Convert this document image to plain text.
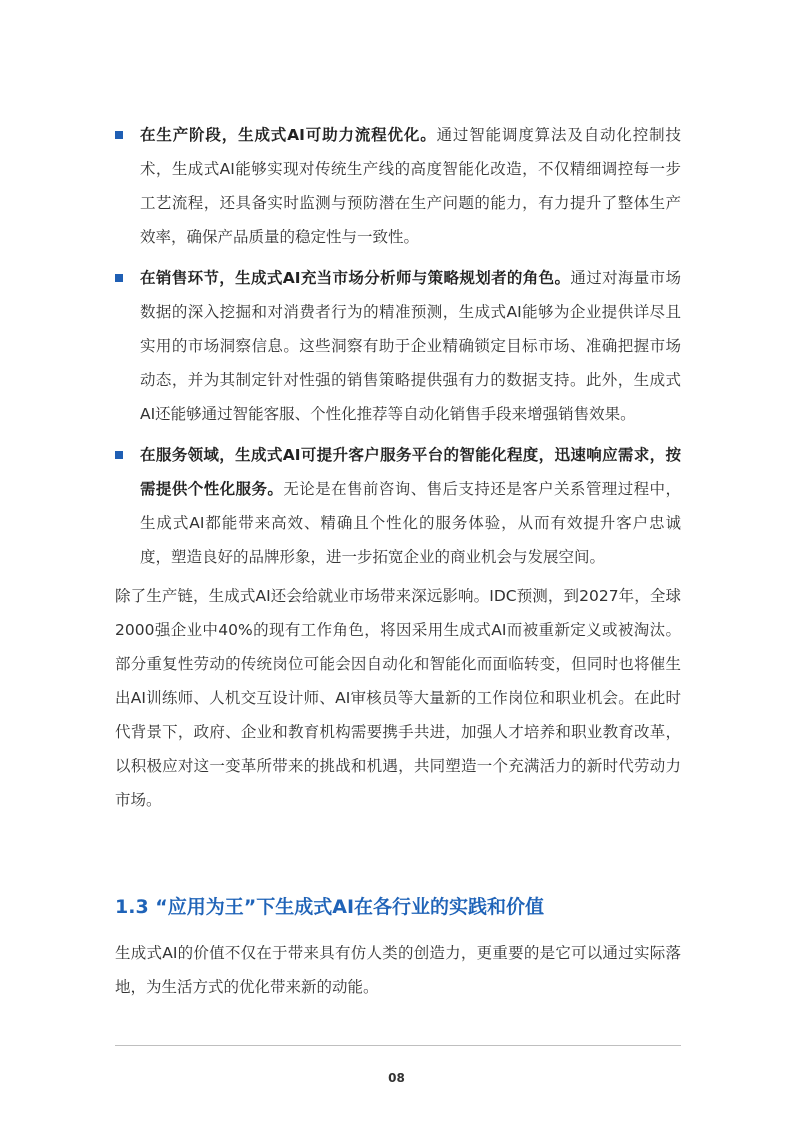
在生产阶段，生成式AI可助力流程优化。通过智能调度算法及自动化控制技术，生成式AI能够实现对传统生产线的高度智能化改造，不仅精细调控每一步工艺流程，还具备实时监测与预防潜在生产问题的能力，有力提升了整体生产效率，确保产品质量的稳定性与一致性。
在销售环节，生成式AI充当市场分析师与策略规划者的角色。通过对海量市场数据的深入挖掘和对消费者行为的精准预测，生成式AI能够为企业提供详尽且实用的市场洞察信息。这些洞察有助于企业精确锁定目标市场、准确把握市场动态，并为其制定针对性强的销售策略提供强有力的数据支持。此外，生成式AI还能够通过智能客服、个性化推荐等自动化销售手段来增强销售效果。
在服务领域，生成式AI可提升客户服务平台的智能化程度，迅速响应需求，按需提供个性化服务。无论是在售前咨询、售后支持还是客户关系管理过程中，生成式AI都能带来高效、精确且个性化的服务体验，从而有效提升客户忠诚度，塑造良好的品牌形象，进一步拓宽企业的商业机会与发展空间。

除了生产链，生成式AI还会给就业市场带来深远影响。IDC预测，到2027年，全球2000强企业中40%的现有工作角色，将因采用生成式AI而被重新定义或被淘汰。部分重复性劳动的传统岗位可能会因自动化和智能化而面临转变，但同时也将催生出AI训练师、人机交互设计师、AI审核员等大量新的工作岗位和职业机会。在此时代背景下，政府、企业和教育机构需要携手共进，加强人才培养和职业教育改革，以积极应对这一变革所带来的挑战和机遇，共同塑造一个充满活力的新时代劳动力市场。

1.3 “应用为王”下生成式AI在各行业的实践和价值

生成式AI的价值不仅在于带来具有仿人类的创造力，更重要的是它可以通过实际落地，为生活方式的优化带来新的动能。

08
